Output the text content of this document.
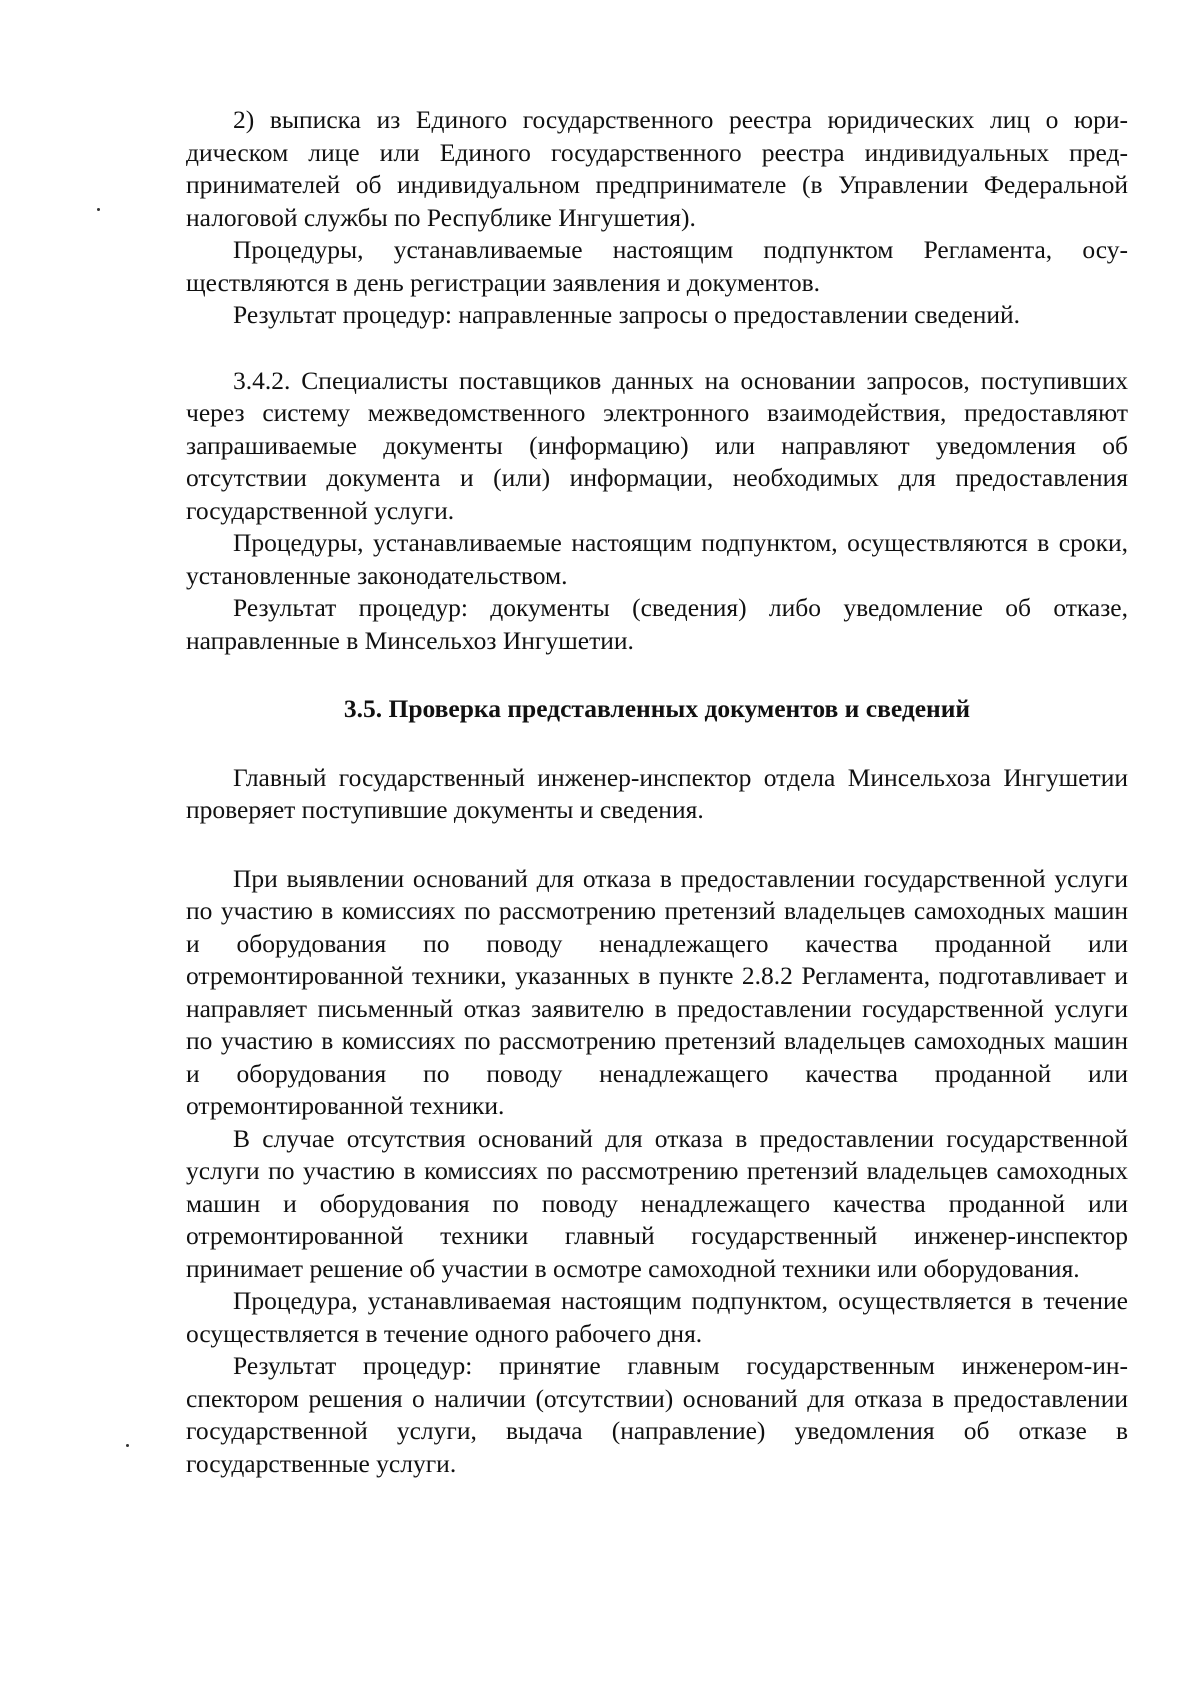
2) выписка из Единого государственного реестра юридических лиц о юридическом лице или Единого государственного реестра индивидуальных предпринимателей об индивидуальном предпринимателе (в Управлении Федеральной налоговой службы по Республике Ингушетия).

Процедуры, устанавливаемые настоящим подпунктом Регламента, осуществляются в день регистрации заявления и документов.

Результат процедур: направленные запросы о предоставлении сведений.

3.4.2. Специалисты поставщиков данных на основании запросов, поступивших через систему межведомственного электронного взаимодействия, предоставляют запрашиваемые документы (информацию) или направляют уведомления об отсутствии документа и (или) информации, необходимых для предоставления государственной услуги.

Процедуры, устанавливаемые настоящим подпунктом, осуществляются в сроки, установленные законодательством.

Результат процедур: документы (сведения) либо уведомление об отказе, направленные в Минсельхоз Ингушетии.

3.5. Проверка представленных документов и сведений

Главный государственный инженер-инспектор отдела Минсельхоза Ингушетии проверяет поступившие документы и сведения.

При выявлении оснований для отказа в предоставлении государственной услуги по участию в комиссиях по рассмотрению претензий владельцев самоходных машин и оборудования по поводу ненадлежащего качества проданной или отремонтированной техники, указанных в пункте 2.8.2 Регламента, подготавливает и направляет письменный отказ заявителю в предоставлении государственной услуги по участию в комиссиях по рассмотрению претензий владельцев самоходных машин и оборудования по поводу ненадлежащего качества проданной или отремонтированной техники.

В случае отсутствия оснований для отказа в предоставлении государственной услуги по участию в комиссиях по рассмотрению претензий владельцев самоходных машин и оборудования по поводу ненадлежащего качества проданной или отремонтированной техники главный государственный инженер-инспектор принимает решение об участии в осмотре самоходной техники или оборудования.

Процедура, устанавливаемая настоящим подпунктом, осуществляется в течение осуществляется в течение одного рабочего дня.

Результат процедур: принятие главным государственным инженером-инспектором решения о наличии (отсутствии) оснований для отказа в предоставлении государственной услуги, выдача (направление) уведомления об отказе в государственные услуги.
